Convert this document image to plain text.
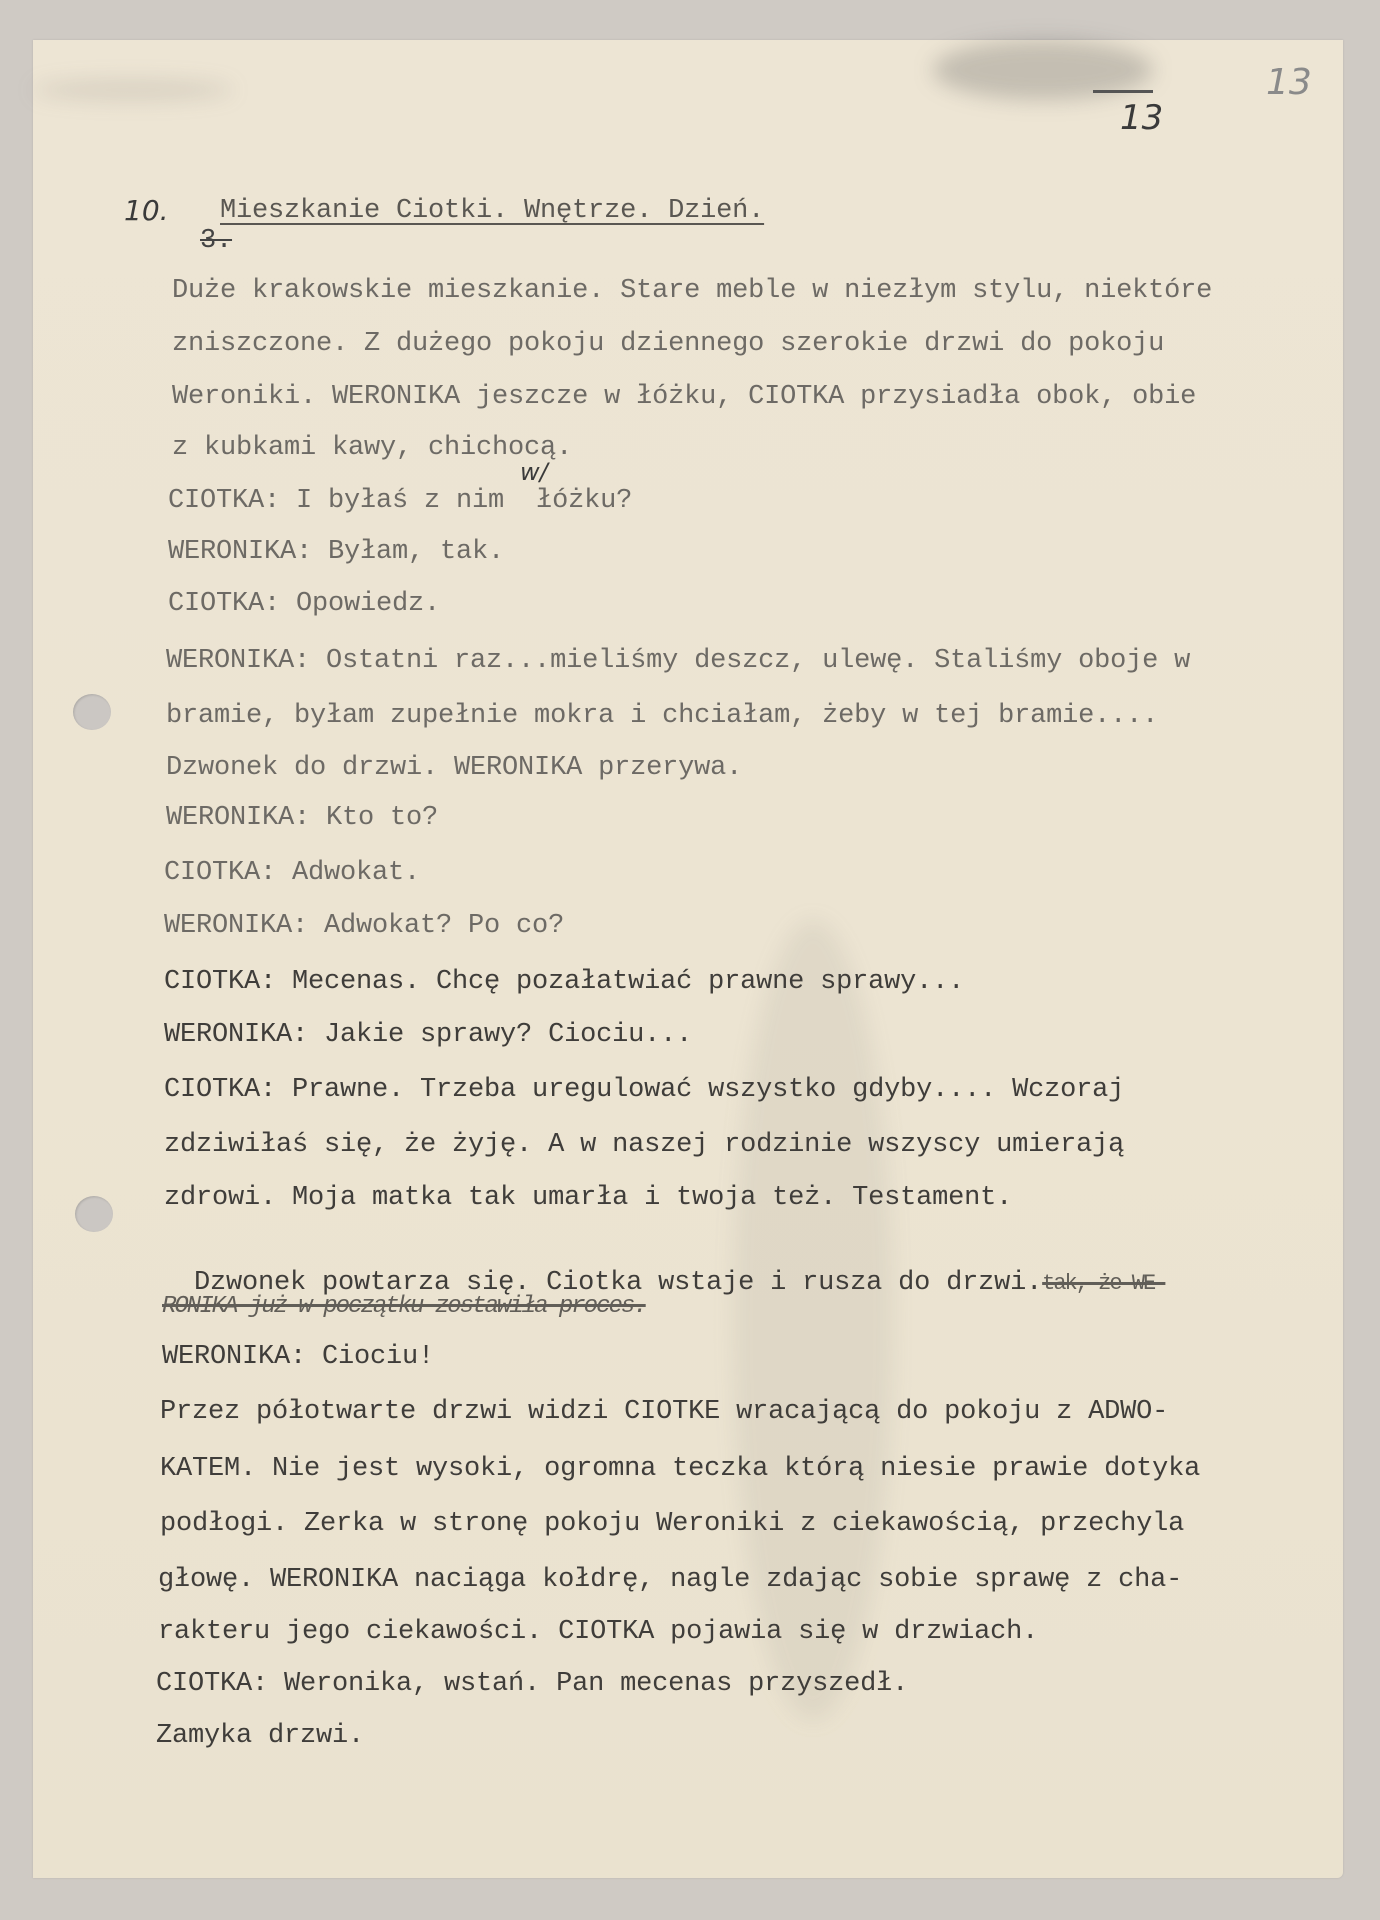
13
13
10.

3.

Mieszkanie Ciotki. Wnętrze. Dzień.
Duże krakowskie mieszkanie. Stare meble w niezłym stylu, niektóre
zniszczone. Z dużego pokoju dziennego szerokie drzwi do pokoju
Weroniki. WERONIKA jeszcze w łóżku, CIOTKA przysiadła obok, obie
z kubkami kawy, chichocą.
CIOTKA: I byłaś z nim  łóżku?
w/
WERONIKA: Byłam, tak.
CIOTKA: Opowiedz.
WERONIKA: Ostatni raz...mieliśmy deszcz, ulewę. Staliśmy oboje w
bramie, byłam zupełnie mokra i chciałam, żeby w tej bramie....
Dzwonek do drzwi. WERONIKA przerywa.
WERONIKA: Kto to?
CIOTKA: Adwokat.
WERONIKA: Adwokat? Po co?
CIOTKA: Mecenas. Chcę pozałatwiać prawne sprawy...
WERONIKA: Jakie sprawy? Ciociu...
CIOTKA: Prawne. Trzeba uregulować wszystko gdyby.... Wczoraj
zdziwiłaś się, że żyję. A w naszej rodzinie wszyscy umierają
zdrowi. Moja matka tak umarła i twoja też. Testament.

Dzwonek powtarza się. Ciotka wstaje i rusza do drzwi.tak, że WE-

RONIKA już w początku zostawiła proces.
WERONIKA: Ciociu!
Przez półotwarte drzwi widzi CIOTKE wracającą do pokoju z ADWO-
KATEM. Nie jest wysoki, ogromna teczka którą niesie prawie dotyka
podłogi. Zerka w stronę pokoju Weroniki z ciekawością, przechyla
głowę. WERONIKA naciąga kołdrę, nagle zdając sobie sprawę z cha-
rakteru jego ciekawości. CIOTKA pojawia się w drzwiach.
CIOTKA: Weronika, wstań. Pan mecenas przyszedł.
Zamyka drzwi.
